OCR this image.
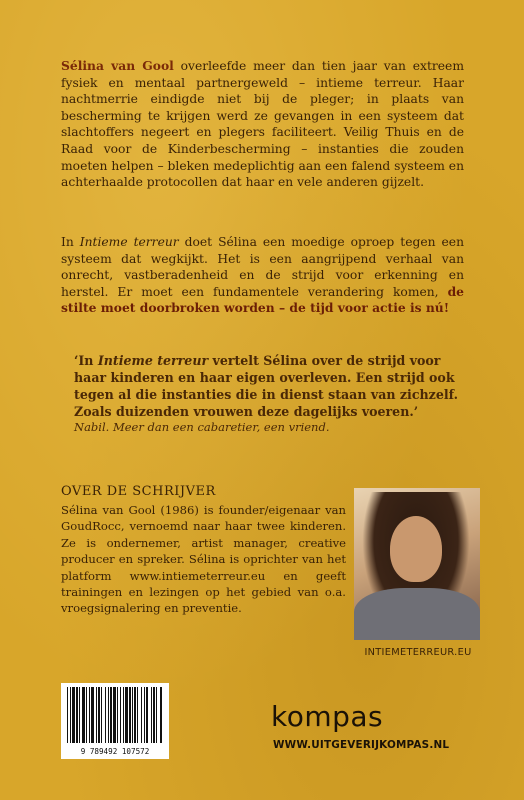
Sélina van Gool overleefde meer dan tien jaar van extreem fysiek en mentaal partnergeweld – intieme terreur. Haar nachtmerrie eindigde niet bij de pleger; in plaats van bescherming te krijgen werd ze gevangen in een systeem dat slachtoffers negeert en plegers faciliteert. Veilig Thuis en de Raad voor de Kinderbescherming – instanties die zouden moeten helpen – bleken medeplichtig aan een falend systeem en achterhaalde protocollen dat haar en vele anderen gijzelt.
In Intieme terreur doet Sélina een moedige oproep tegen een systeem dat wegkijkt. Het is een aangrijpend verhaal van onrecht, vastberadenheid en de strijd voor erkenning en herstel. Er moet een fundamentele verandering komen, de stilte moet doorbroken worden – de tijd voor actie is nú!
‘In Intieme terreur vertelt Sélina over de strijd voor haar kinderen en haar eigen overleven. Een strijd ook tegen al die instanties die in dienst staan van zichzelf. Zoals duizenden vrouwen deze dagelijks voeren.’
Nabil. Meer dan een cabaretier, een vriend.
OVER DE SCHRIJVER
Sélina van Gool (1986) is founder/eigenaar van GoudRocc, vernoemd naar haar twee kinderen. Ze is ondernemer, artist manager, creative producer en spreker. Sélina is oprichter van het platform www.intiemeterreur.eu en geeft trainingen en lezingen op het gebied van o.a. vroegsignalering en preventie.
INTIEMETERREUR.EU
9 789492 107572
kompas
WWW.UITGEVERIJKOMPAS.NL
